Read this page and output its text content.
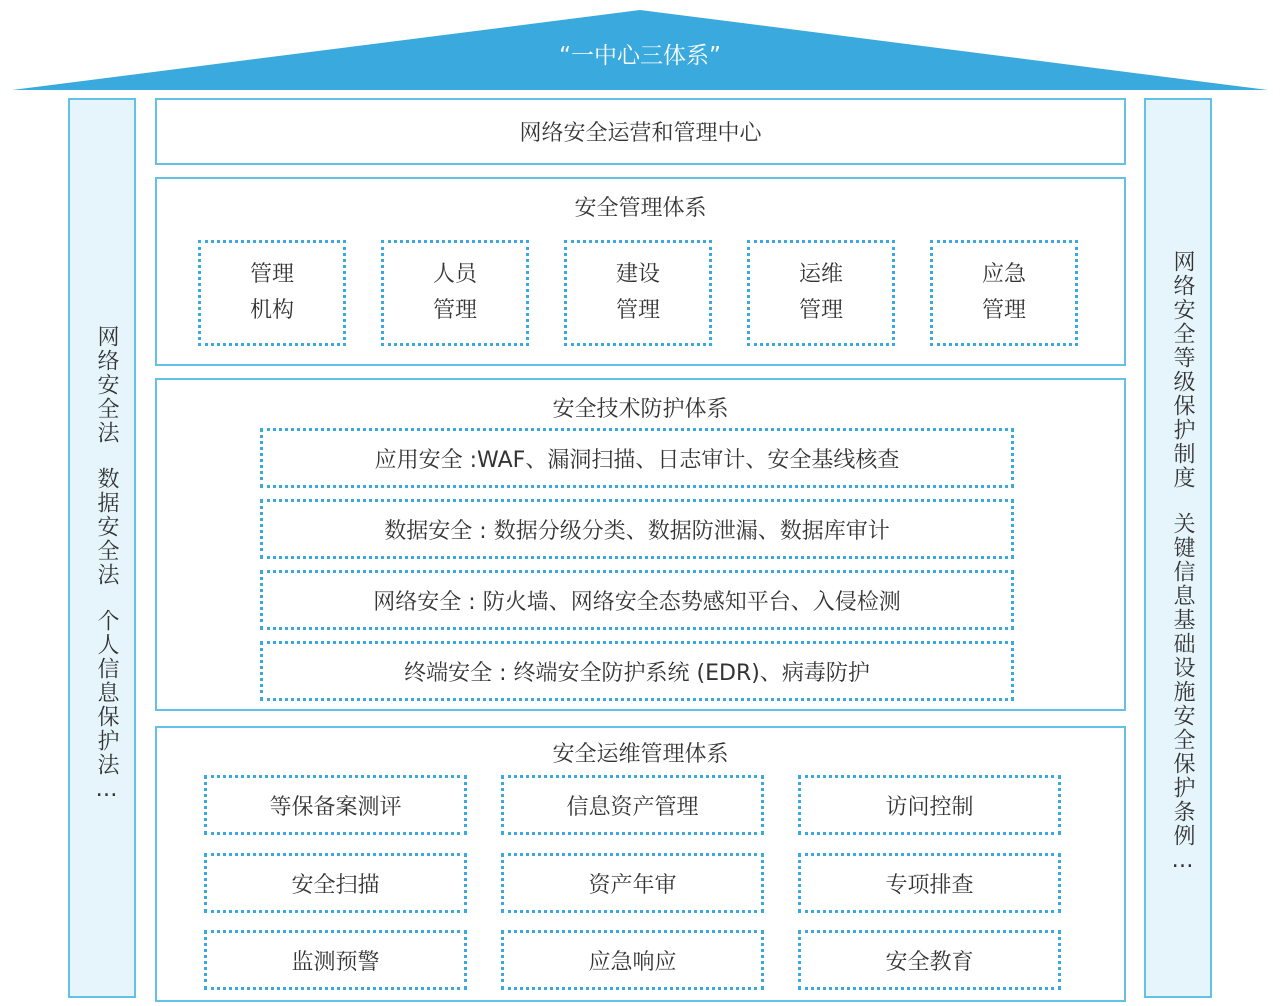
“一中心三体系”
网络安全法数据安全法个人信息保护法…
网络安全等级保护制度关键信息基础设施安全保护条例…
网络安全运营和管理中心
安全管理体系
管理
机构
人员
管理
建设
管理
运维
管理
应急
管理
安全技术防护体系
应用安全 :WAF、漏洞扫描、日志审计、安全基线核查
数据安全 : 数据分级分类、数据防泄漏、数据库审计
网络安全 : 防火墙、网络安全态势感知平台、入侵检测
终端安全 : 终端安全防护系统 (EDR)、病毒防护
安全运维管理体系
等保备案测评	信息资产管理	访问控制
安全扫描	资产年审	专项排查
监测预警	应急响应	安全教育
